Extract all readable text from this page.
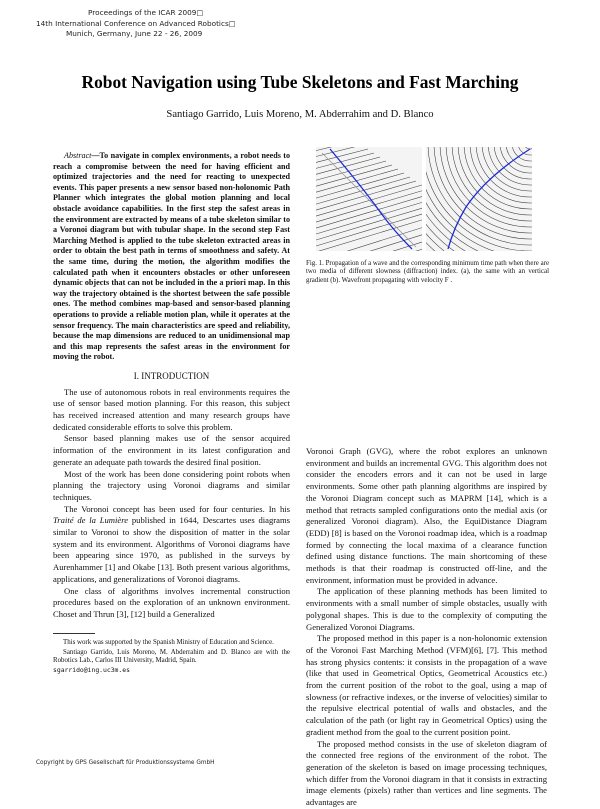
Proceedings of the ICAR 2009□
14th International Conference on Advanced Robotics□
Munich, Germany, June 22 - 26, 2009
Robot Navigation using Tube Skeletons and Fast Marching
Santiago Garrido, Luis Moreno, M. Abderrahim and D. Blanco

Abstract—To navigate in complex environments, a robot needs to reach a compromise between the need for having efficient and optimized trajectories and the need for reacting to unexpected events. This paper presents a new sensor based non-holonomic Path Planner which integrates the global motion planning and local obstacle avoidance capabilities. In the first step the safest areas in the environment are extracted by means of a tube skeleton similar to a Voronoi diagram but with tubular shape. In the second step Fast Marching Method is applied to the tube skeleton extracted areas in order to obtain the best path in terms of smoothness and safety. At the same time, during the motion, the algorithm modifies the calculated path when it encounters obstacles or other unforeseen dynamic objects that can not be included in the a priori map. In this way the trajectory obtained is the shortest between the safe possible ones. The method combines map-based and sensor-based planning operations to provide a reliable motion plan, while it operates at the sensor frequency. The main characteristics are speed and reliability, because the map dimensions are reduced to an unidimensional map and this map represents the safest areas in the environment for moving the robot.

I. INTRODUCTION

The use of autonomous robots in real environments requires the use of sensor based motion planning. For this reason, this subject has received increased attention and many research groups have dedicated considerable efforts to solve this problem.

Sensor based planning makes use of the sensor acquired information of the environment in its latest configuration and generate an adequate path towards the desired final position.

Most of the work has been done considering point robots when planning the trajectory using Voronoi diagrams and similar techniques.

The Voronoi concept has been used for four centuries. In his Traité de la Lumière published in 1644, Descartes uses diagrams similar to Voronoi to show the disposition of matter in the solar system and its environment. Algorithms of Voronoi diagrams have been appearing since 1970, as published in the surveys by Aurenhammer [1] and Okabe [13]. Both present various algorithms, applications, and generalizations of Voronoi diagrams.

One class of algorithms involves incremental construction procedures based on the exploration of an unknown environment. Choset and Thrun [3], [12] build a Generalized

This work was supported by the Spanish Ministry of Education and Science.

Santiago Garrido, Luis Moreno, M. Abderrahim and D. Blanco are with the Robotics Lab., Carlos III University, Madrid, Spain.
sgarrido@ing.uc3m.es

Fig. 1. Propagation of a wave and the corresponding minimum time path when there are two media of different slowness (diffraction) index. (a), the same with an vertical gradient (b). Wavefront propagating with velocity F .

Voronoi Graph (GVG), where the robot explores an unknown environment and builds an incremental GVG. This algorithm does not consider the encoders errors and it can not be used in large environments. Some other path planning algorithms are inspired by the Voronoi Diagram concept such as MAPRM [14], which is a method that retracts sampled configurations onto the medial axis (or generalized Voronoi diagram). Also, the EquiDistance Diagram (EDD) [8] is based on the Voronoi roadmap idea, which is a roadmap formed by connecting the local maxima of a clearance function defined using distance functions. The main shortcoming of these methods is that their roadmap is constructed off-line, and the environment, information must be provided in advance.

The application of these planning methods has been limited to environments with a small number of simple obstacles, usually with polygonal shapes. This is due to the complexity of computing the Generalized Voronoi Diagrams.

The proposed method in this paper is a non-holonomic extension of the Voronoi Fast Marching Method (VFM)[6], [7]. This method has strong physics contents: it consists in the propagation of a wave (like that used in Geometrical Optics, Geometrical Acoustics etc.) from the current position of the robot to the goal, using a map of slowness (or refractive indexes, or the inverse of velocities) similar to the repulsive electrical potential of walls and obstacles, and the calculation of the path (or light ray in Geometrical Optics) using the gradient method from the goal to the current position point.

The proposed method consists in the use of skeleton diagram of the connected free regions of the environment of the robot. The generation of the skeleton is based on image processing techniques, which differ from the Voronoi diagram in that it consists in extracting image elements (pixels) rather than vertices and line segments. The advantages are

Copyright by GPS Gesellschaft für Produktionssysteme GmbH
